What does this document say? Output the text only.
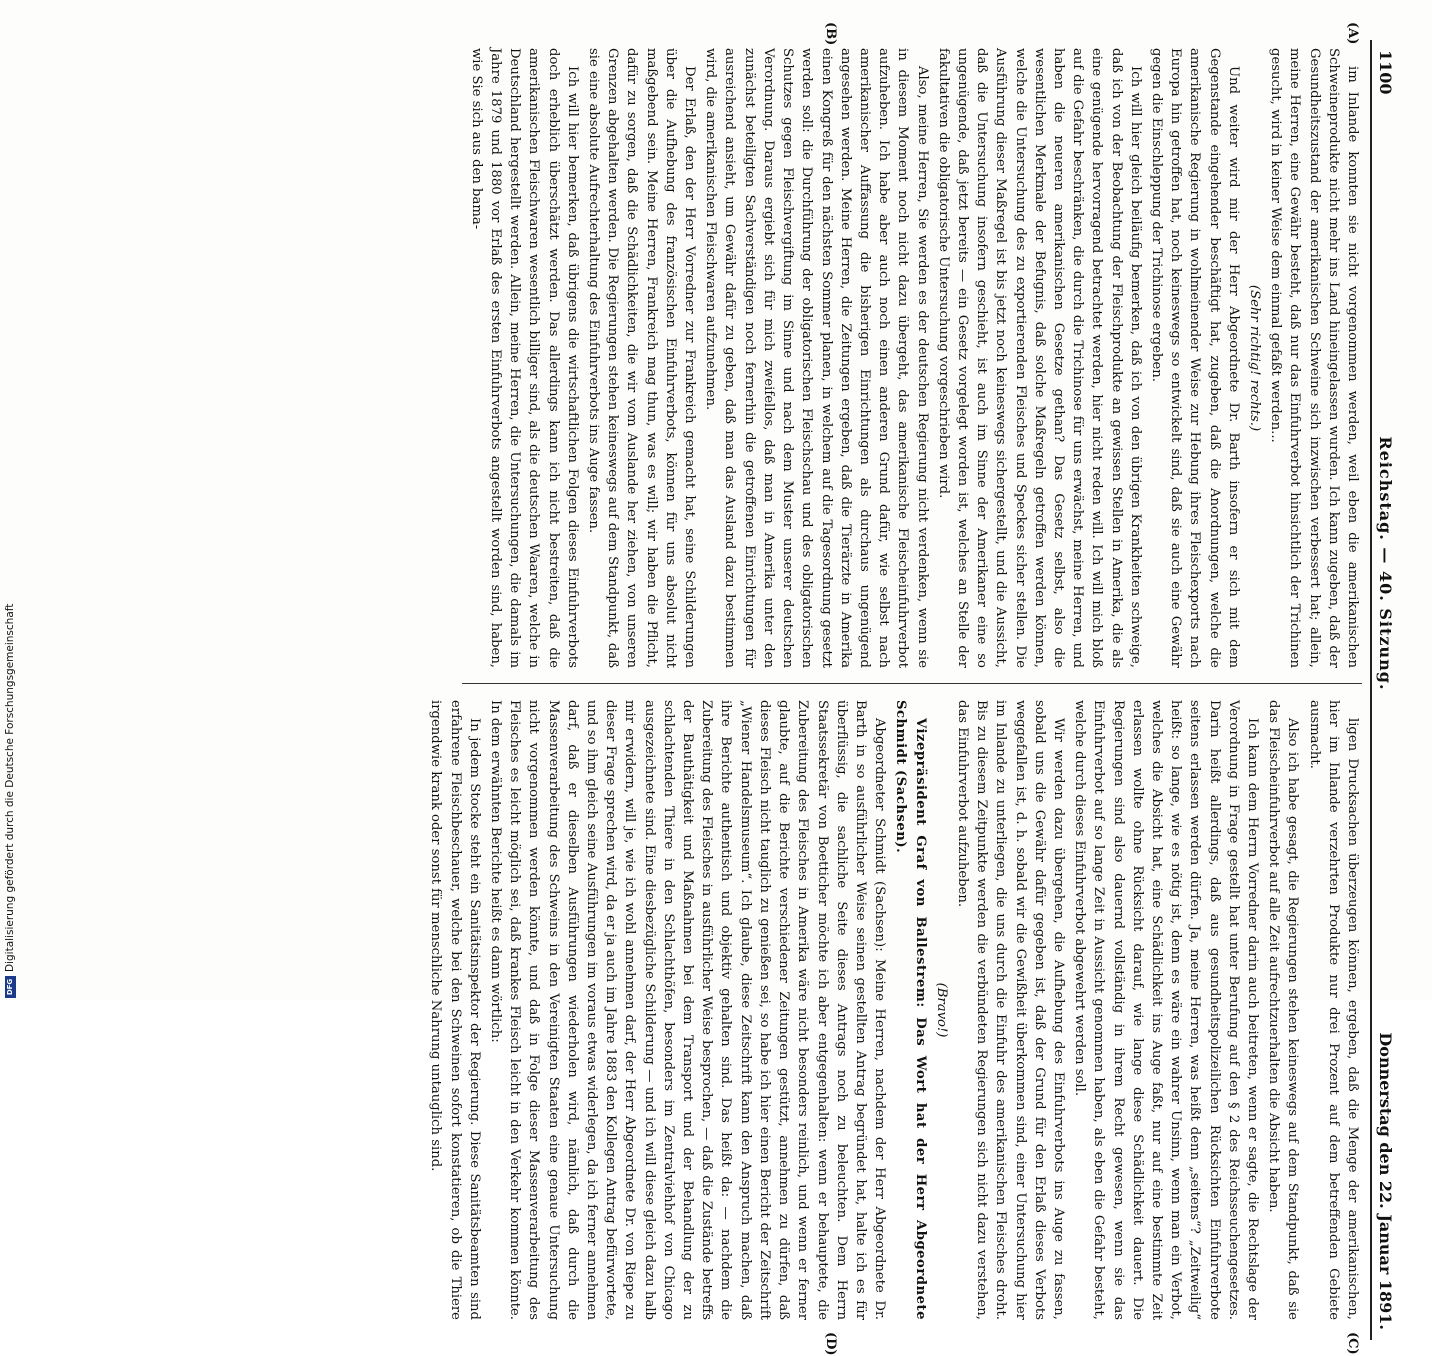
1100
Reichstag. — 40. Sitzung.
Donnerstag den 22. Januar 1891.
(A)
(B)
(C)
(D)

im Inlande konnten sie nicht vorgenommen werden, weil eben die amerikanischen Schweineprodukte nicht mehr ins Land hineingelassen wurden. Ich kann zugeben, daß der Gesundheitszustand der amerikanischen Schweine sich inzwischen verbessert hat; allein, meine Herren, eine Gewähr besteht, daß nur das Einfuhrverbot hinsichtlich der Trichinen gesucht, wird in keiner Weise dem einmal gefaßt werden...

(Sehr richtig! rechts.)

Und weiter wird mir der Herr Abgeordnete Dr. Barth insofern er sich mit dem Gegenstande eingehender beschäftigt hat, zugeben, daß die Anordnungen, welche die amerikanische Regierung in wohlmeinender Weise zur Hebung ihres Fleischexports nach Europa hin getroffen hat, noch keineswegs so entwickelt sind, daß sie auch eine Gewähr gegen die Einschleppung der Trichinose ergeben.

Ich will hier gleich beiläufig bemerken, daß ich von den übrigen Krankheiten schweige, daß ich von der Beobachtung der Fleischprodukte an gewissen Stellen in Amerika, die als eine genügende hervorragend betrachtet werden, hier nicht reden will. Ich will mich bloß auf die Gefahr beschränken, die durch die Trichinose für uns erwächst, meine Herren, und haben die neueren amerikanischen Gesetze gethan? Das Gesetz selbst, also die wesentlichen Merkmale der Befugnis, daß solche Maßregeln getroffen werden können, welche die Untersuchung des zu exportierenden Fleisches und Speckes sicher stellen. Die Ausführung dieser Maßregel ist bis jetzt noch keineswegs sichergestellt, und die Aussicht, daß die Untersuchung insofern geschieht, ist auch im Sinne der Amerikaner eine so ungenügende, daß jetzt bereits — ein Gesetz vorgelegt worden ist, welches an Stelle der fakultativen die obligatorische Untersuchung vorgeschrieben wird.

Also, meine Herren, Sie werden es der deutschen Regierung nicht verdenken, wenn sie in diesem Moment noch nicht dazu übergeht, das amerikanische Fleischeinfuhrverbot aufzuheben. Ich habe aber auch noch einen anderen Grund dafür, wie selbst nach amerikanischer Auffassung die bisherigen Einrichtungen als durchaus ungenügend angesehen werden. Meine Herren, die Zeitungen ergeben, daß die Tierärzte in Amerika einen Kongreß für den nächsten Sommer planen, in welchem auf die Tagesordnung gesetzt werden soll: die Durchführung der obligatorischen Fleischschau und des obligatorischen Schutzes gegen Fleischvergiftung im Sinne und nach dem Muster unserer deutschen Verordnung. Daraus ergiebt sich für mich zweifellos, daß man in Amerika unter den zunächst beteiligten Sachverständigen noch fernerhin die getroffenen Einrichtungen für ausreichend ansieht, um Gewähr dafür zu geben, daß man das Ausland dazu bestimmen wird, die amerikanischen Fleischwaren aufzunehmen.

Der Erlaß, den der Herr Vorredner zur Frankreich gemacht hat, seine Schilderungen über die Aufhebung des französischen Einfuhrverbots, können für uns absolut nicht maßgebend sein. Meine Herren, Frankreich mag thun, was es will; wir haben die Pflicht, dafür zu sorgen, daß die Schädlichkeiten, die wir vom Auslande her ziehen, von unseren Grenzen abgehalten werden. Die Regierungen stehen keineswegs auf dem Standpunkt, daß sie eine absolute Aufrechterhaltung des Einfuhrverbots ins Auge fassen.

Ich will hier bemerken, daß übrigens die wirtschaftlichen Folgen dieses Einfuhrverbots doch erheblich überschätzt werden. Das allerdings kann ich nicht bestreiten, daß die amerikanischen Fleischwaren wesentlich billiger sind, als die deutschen Waaren, welche in Deutschland hergestellt werden. Allein, meine Herren, die Untersuchungen, die damals im Jahre 1879 und 1880 vor Erlaß des ersten Einfuhrverbots angestellt worden sind, haben, wie Sie sich aus den bama-

ligen Drucksachen überzeugen können, ergeben, daß die Menge der amerikanischen, hier im Inlande verzehrten Produkte nur drei Prozent auf dem betreffenden Gebiete ausmacht.

Also ich habe gesagt, die Regierungen stehen keineswegs auf dem Standpunkt, daß sie das Fleischeinfuhrverbot auf alle Zeit aufrechtzuerhalten die Absicht haben.

Ich kann dem Herrn Vorredner darin auch beitreten, wenn er sagte, die Rechtslage der Verordnung in Frage gestellt hat unter Berufung auf den § 2 des Reichsseuchengesetzes. Darin heißt allerdings, daß aus gesundheitspolizeilichen Rücksichten Einfuhrverbote seitens erlassen werden dürfen. Ja, meine Herren, was heißt denn „seitens“? „Zeitweilig“ heißt: so lange, wie es nötig ist, denn es wäre ein wahrer Unsinn, wenn man ein Verbot, welches die Absicht hat, eine Schädlichkeit ins Auge faßt, nur auf eine bestimmte Zeit erlassen wollte ohne Rücksicht darauf, wie lange diese Schädlichkeit dauert. Die Regierungen sind also dauernd vollständig in ihrem Recht gewesen, wenn sie das Einfuhrverbot auf so lange Zeit in Aussicht genommen haben, als eben die Gefahr besteht, welche durch dieses Einfuhrverbot abgewehrt werden soll.

Wir werden dazu übergehen, die Aufhebung des Einfuhrverbots ins Auge zu fassen, sobald uns die Gewähr dafür gegeben ist, daß der Grund für den Erlaß dieses Verbots weggefallen ist, d. h. sobald wir die Gewißheit überkommen sind, einer Untersuchung hier im Inlande zu unterliegen, die uns durch die Einfuhr des amerikanischen Fleisches droht. Bis zu diesem Zeitpunkte werden die verbündeten Regierungen sich nicht dazu verstehen, das Einfuhrverbot aufzuheben.

(Bravo!)

Vizepräsident Graf von Ballestrem: Das Wort hat der Herr Abgeordnete Schmidt (Sachsen).

Abgeordneter Schmidt (Sachsen): Meine Herren, nachdem der Herr Abgeordnete Dr. Barth in so ausführlicher Weise seinen gestellten Antrag begründet hat, halte ich es für überflüssig, die sachliche Seite dieses Antrags noch zu beleuchten. Dem Herrn Staatssekretär von Boetticher möchte ich aber entgegenhalten: wenn er behauptete, die Zubereitung des Fleisches in Amerika wäre nicht besonders reinlich, und wenn er ferner glaubte, auf die Berichte verschiedener Zeitungen gestützt, annehmen zu dürfen, daß dieses Fleisch nicht tauglich zu genießen sei, so habe ich hier einen Bericht der Zeitschrift „Wiener Handelsmuseum“. Ich glaube, diese Zeitschrift kann den Anspruch machen, daß ihre Berichte authentisch und objektiv gehalten sind. Das heißt da: — nachdem die Zubereitung des Fleisches in ausführlicher Weise besprochen, — daß die Zustände betreffs der Bauthätigkeit und Maßnahmen bei dem Transport und der Behandlung der zu schlachtenden Thiere in den Schlachthöfen, besonders im Zentralviehhof von Chicago ausgezeichnete sind. Eine diesbezügliche Schilderung — und ich will diese gleich dazu halb mir erwidern, will je, wie ich wohl annehmen darf, der Herr Abgeordnete Dr. von Riepe zu dieser Frage sprechen wird, da er ja auch im Jahre 1883 den Kollegen Antrag befürwortete, und so ihm gleich seine Ausführungen im voraus etwas widerlegen, da ich ferner annehmen darf, daß er dieselben Ausführungen wiederholen wird, nämlich, daß durch die Massenverarbeitung des Schweins in den Vereinigten Staaten eine genaue Untersuchung nicht vorgenommen werden könnte, und daß in Folge dieser Massenverarbeitung des Fleisches es leicht möglich sei, daß krankes Fleisch leicht in den Verkehr kommen könnte. In dem erwähnten Berichte heißt es dann wörtlich:

In jedem Stocke steht ein Sanitätsinspektor der Regierung. Diese Sanitätsbeamten sind erfahrene Fleischbeschauer, welche bei den Schweinen sofort konstatieren, ob die Thiere irgendwie krank oder sonst für menschliche Nahrung untauglich sind.

DFG
Digitalisierung gefördert durch die Deutsche Forschungsgemeinschaft
